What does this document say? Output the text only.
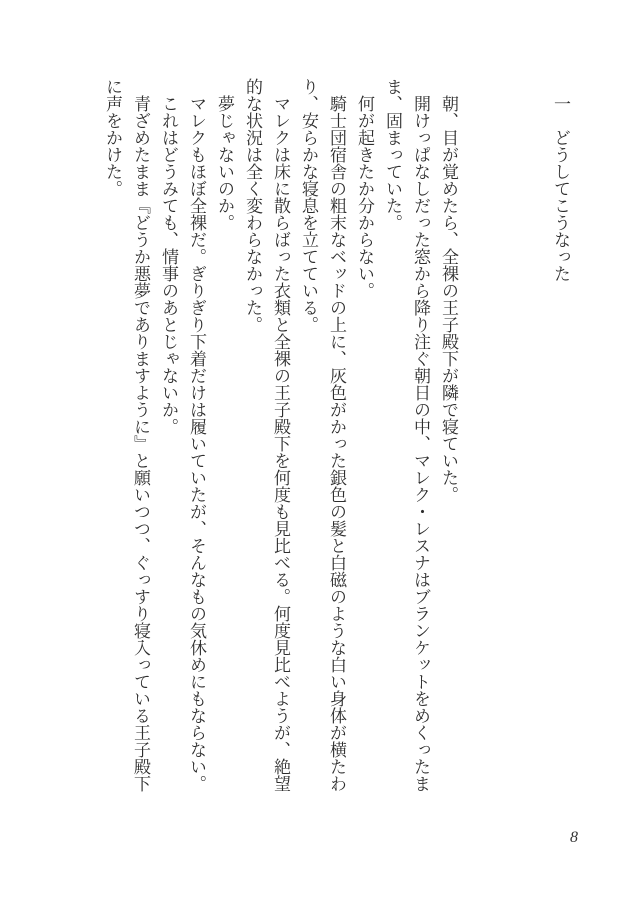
一　どうしてこうなった

朝、目が覚めたら、全裸の王子殿下が隣で寝ていた。

開けっぱなしだった窓から降り注ぐ朝日の中、マレク・レスナはブランケットをめくったまま、固まっていた。

何が起きたか分からない。

騎士団宿舎の粗末なベッドの上に、灰色がかった銀色の髪と白磁のような白い身体が横たわり、安らかな寝息を立てている。

マレクは床に散らばった衣類と全裸の王子殿下を何度も見比べる。何度見比べようが、絶望的な状況は全く変わらなかった。

夢じゃないのか。

マレクもほぼ全裸だ。ぎりぎり下着だけは履いていたが、そんなもの気休めにもならない。

これはどうみても、情事のあとじゃないか。

青ざめたまま『どうか悪夢でありますように』と願いつつ、ぐっすり寝入っている王子殿下に声をかけた。

8
